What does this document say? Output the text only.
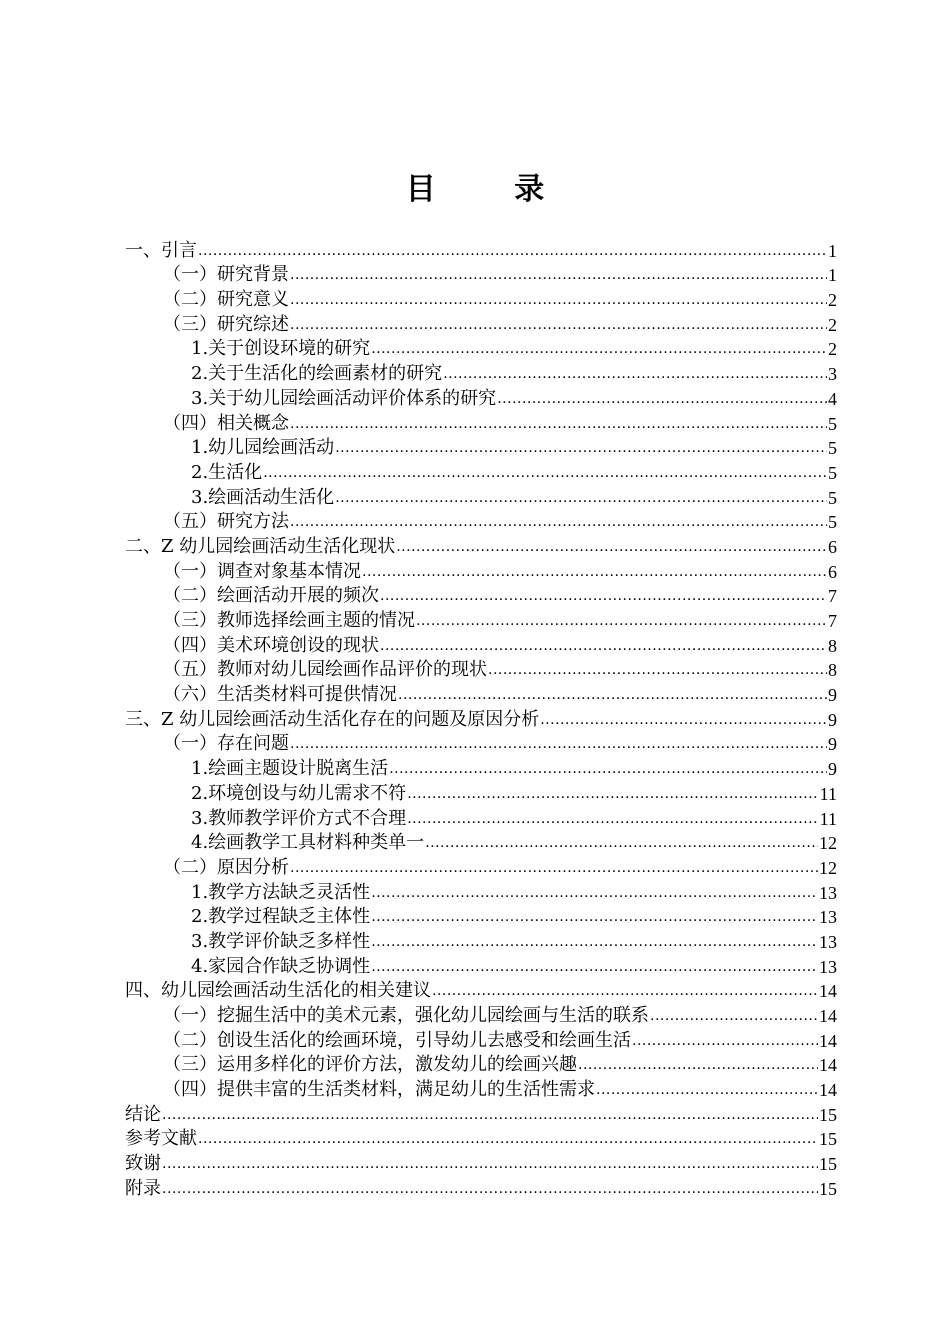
目 录
一、引言 .....	1
（一）研究背景 .....	1
（二）研究意义 .....	2
（三）研究综述 .....	2
1.关于创设环境的研究 .....	2
2.关于生活化的绘画素材的研究 .....	3
3.关于幼儿园绘画活动评价体系的研究 .....	4
（四）相关概念 .....	5
1.幼儿园绘画活动 .....	5
2.生活化 .....	5
3.绘画活动生活化 .....	5
（五）研究方法 .....	5
二、Z 幼儿园绘画活动生活化现状 .....	6
（一）调查对象基本情况 .....	6
（二）绘画活动开展的频次 .....	7
（三）教师选择绘画主题的情况 .....	7
（四）美术环境创设的现状 .....	8
（五）教师对幼儿园绘画作品评价的现状 .....	8
（六）生活类材料可提供情况 .....	9
三、Z 幼儿园绘画活动生活化存在的问题及原因分析 .....	9
（一）存在问题 .....	9
1.绘画主题设计脱离生活 .....	9
2.环境创设与幼儿需求不符 .....	11
3.教师教学评价方式不合理 .....	11
4.绘画教学工具材料种类单一 .....	12
（二）原因分析 .....	12
1.教学方法缺乏灵活性 .....	13
2.教学过程缺乏主体性 .....	13
3.教学评价缺乏多样性 .....	13
4.家园合作缺乏协调性 .....	13
四、幼儿园绘画活动生活化的相关建议 .....	14
（一）挖掘生活中的美术元素，强化幼儿园绘画与生活的联系 .....	14
（二）创设生活化的绘画环境，引导幼儿去感受和绘画生活 .....	14
（三）运用多样化的评价方法，激发幼儿的绘画兴趣 .....	14
（四）提供丰富的生活类材料，满足幼儿的生活性需求 .....	14
结论 .....	15
参考文献 .....	15
致谢 .....	15
附录 .....	15
